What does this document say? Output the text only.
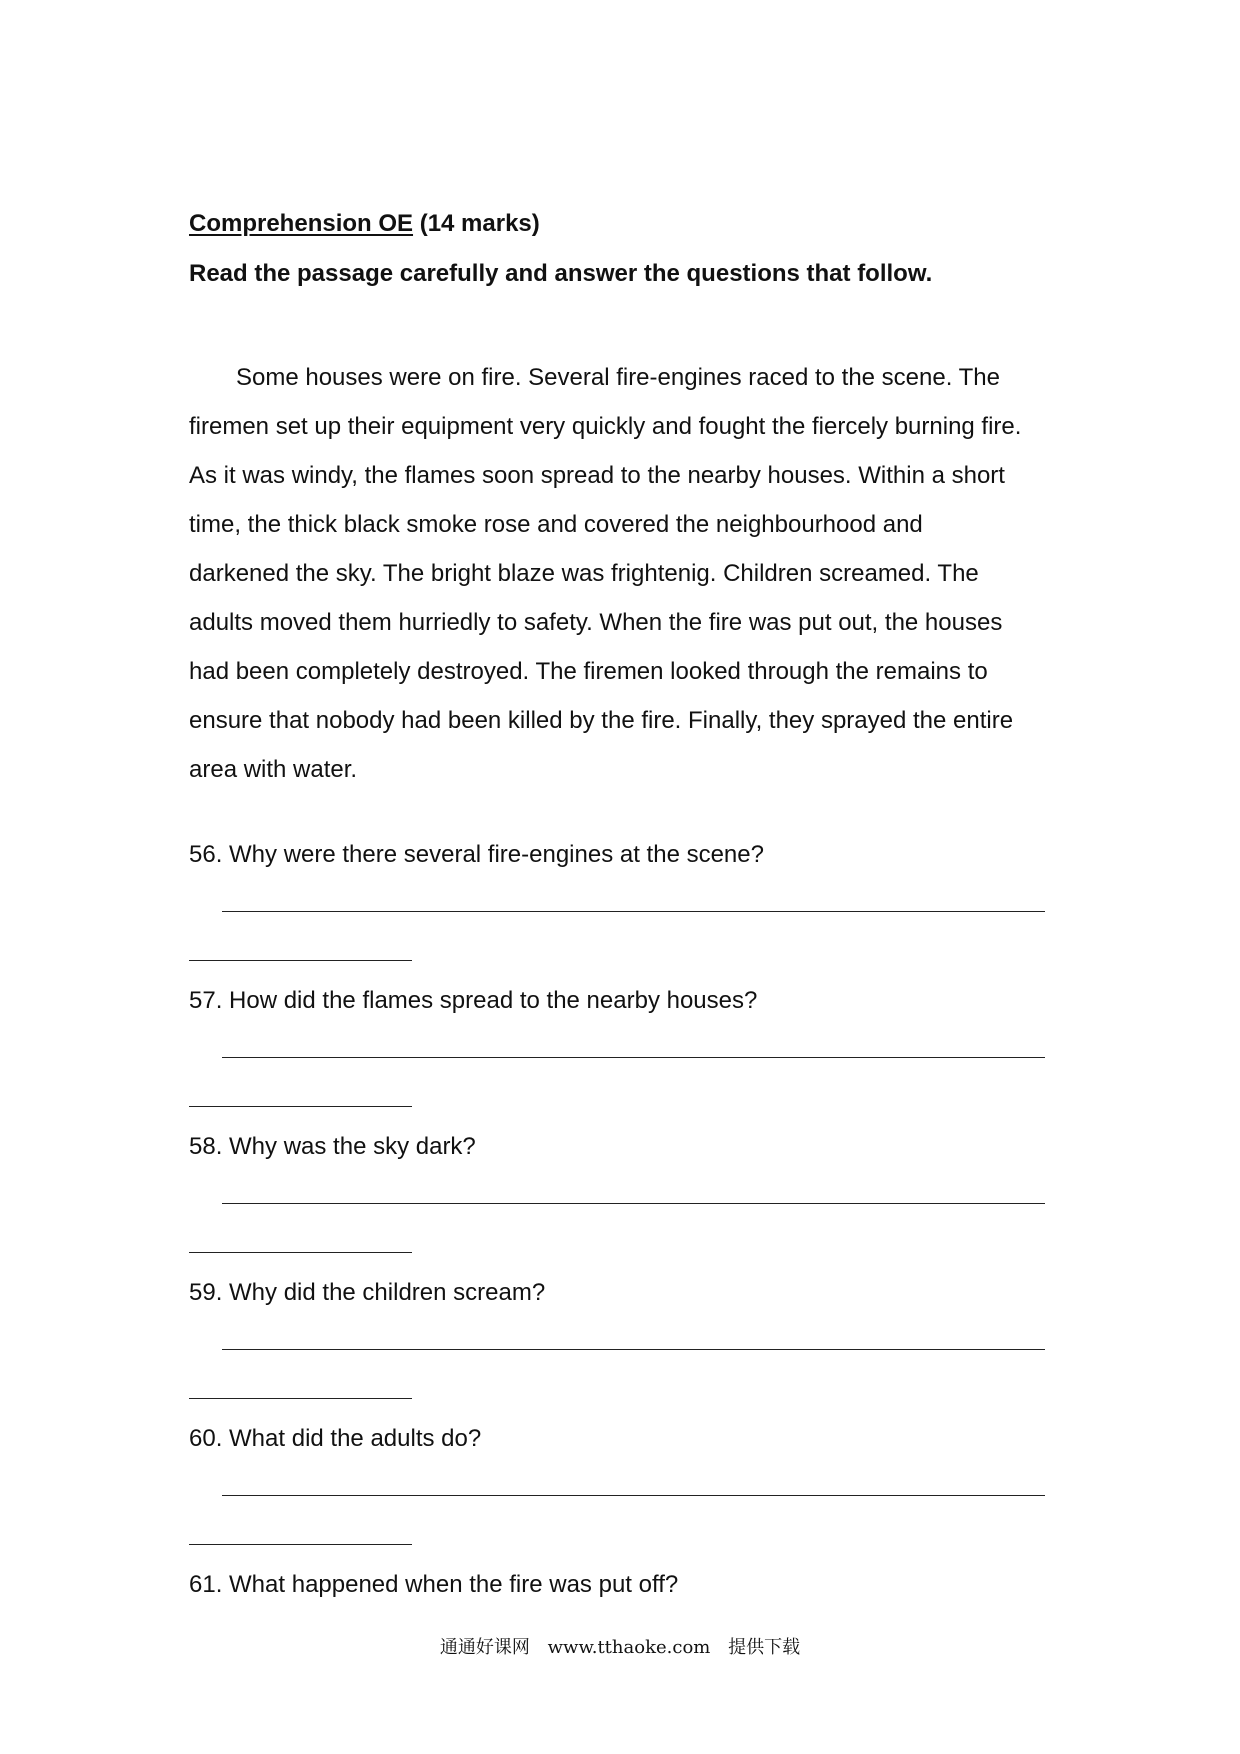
Comprehension OE (14 marks)
Read the passage carefully and answer the questions that follow.
Some houses were on fire. Several fire-engines raced to the scene. The
firemen set up their equipment very quickly and fought the fiercely burning fire.
As it was windy, the flames soon spread to the nearby houses. Within a short
time, the thick black smoke rose and covered the neighbourhood and
darkened the sky. The bright blaze was frightenig. Children screamed. The
adults moved them hurriedly to safety. When the fire was put out, the houses
had been completely destroyed. The firemen looked through the remains to
ensure that nobody had been killed by the fire. Finally, they sprayed the entire
area with water.
56. Why were there several fire-engines at the scene?
57. How did the flames spread to the nearby houses?
58. Why was the sky dark?
59. Why did the children scream?
60. What did the adults do?
61. What happened when the fire was put off?
通通好课网 www.tthaoke.com 提供下载
